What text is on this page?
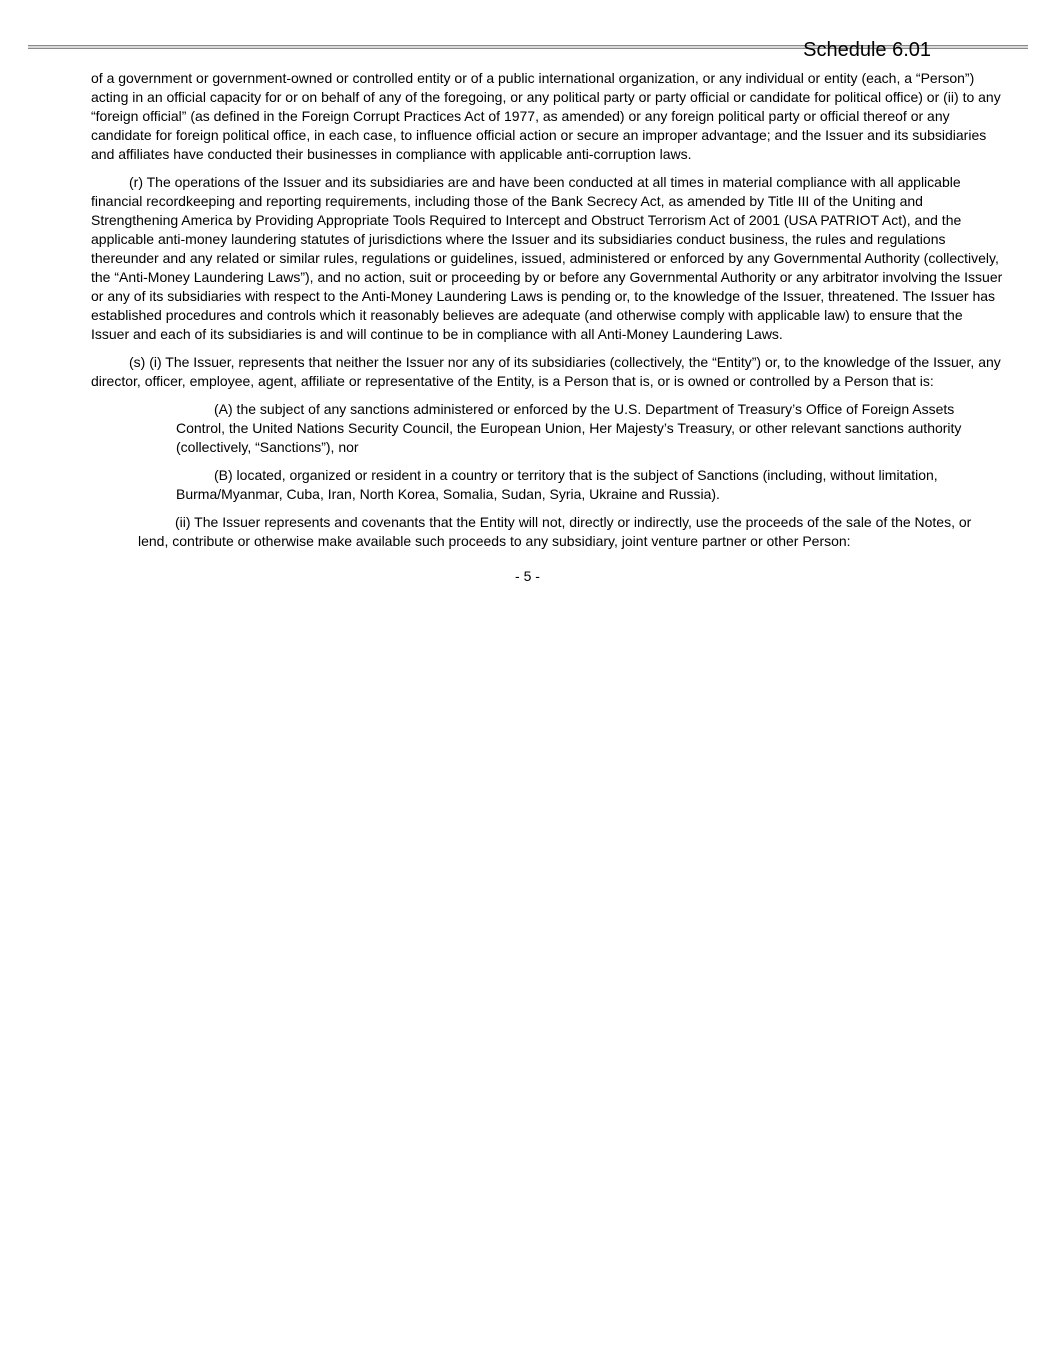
Schedule 6.01

of a government or government-owned or controlled entity or of a public international organization, or any individual or entity (each, a “Person”) acting in an official capacity for or on behalf of any of the foregoing, or any political party or party official or candidate for political office) or (ii) to any “foreign official” (as defined in the Foreign Corrupt Practices Act of 1977, as amended) or any foreign political party or official thereof or any candidate for foreign political office, in each case, to influence official action or secure an improper advantage; and the Issuer and its subsidiaries and affiliates have conducted their businesses in compliance with applicable anti-corruption laws.

(r) The operations of the Issuer and its subsidiaries are and have been conducted at all times in material compliance with all applicable financial recordkeeping and reporting requirements, including those of the Bank Secrecy Act, as amended by Title III of the Uniting and Strengthening America by Providing Appropriate Tools Required to Intercept and Obstruct Terrorism Act of 2001 (USA PATRIOT Act), and the applicable anti-money laundering statutes of jurisdictions where the Issuer and its subsidiaries conduct business, the rules and regulations thereunder and any related or similar rules, regulations or guidelines, issued, administered or enforced by any Governmental Authority (collectively, the “Anti-Money Laundering Laws”), and no action, suit or proceeding by or before any Governmental Authority or any arbitrator involving the Issuer or any of its subsidiaries with respect to the Anti-Money Laundering Laws is pending or, to the knowledge of the Issuer, threatened. The Issuer has established procedures and controls which it reasonably believes are adequate (and otherwise comply with applicable law) to ensure that the Issuer and each of its subsidiaries is and will continue to be in compliance with all Anti-Money Laundering Laws.

(s) (i) The Issuer, represents that neither the Issuer nor any of its subsidiaries (collectively, the “Entity”) or, to the knowledge of the Issuer, any director, officer, employee, agent, affiliate or representative of the Entity, is a Person that is, or is owned or controlled by a Person that is:

(A) the subject of any sanctions administered or enforced by the U.S. Department of Treasury’s Office of Foreign Assets Control, the United Nations Security Council, the European Union, Her Majesty’s Treasury, or other relevant sanctions authority (collectively, “Sanctions”), nor

(B) located, organized or resident in a country or territory that is the subject of Sanctions (including, without limitation, Burma/Myanmar, Cuba, Iran, North Korea, Somalia, Sudan, Syria, Ukraine and Russia).

(ii) The Issuer represents and covenants that the Entity will not, directly or indirectly, use the proceeds of the sale of the Notes, or lend, contribute or otherwise make available such proceeds to any subsidiary, joint venture partner or other Person:

- 5 -
